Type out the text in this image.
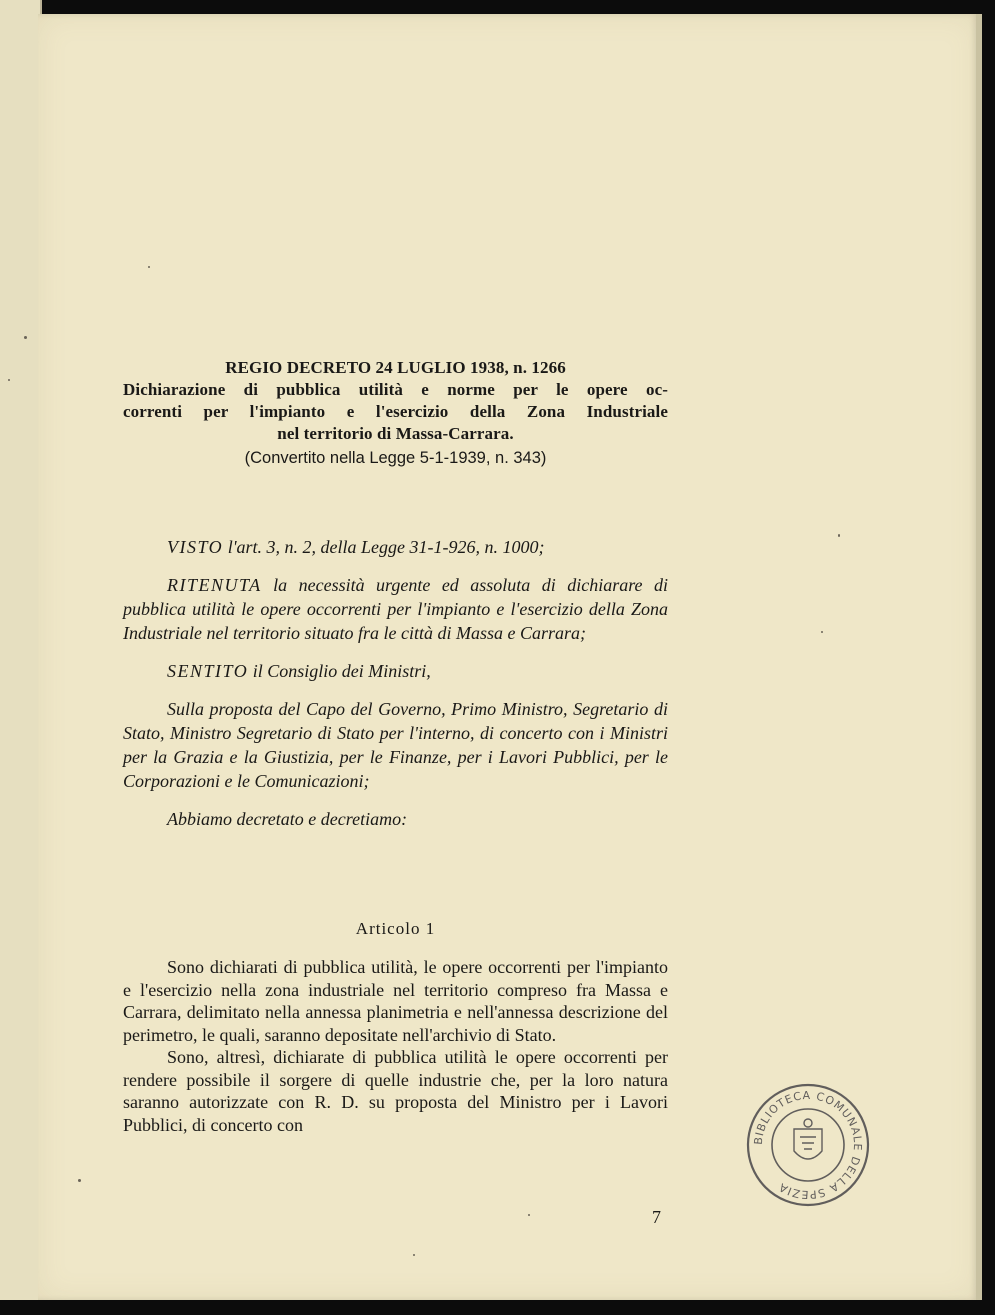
REGIO DECRETO 24 LUGLIO 1938, n. 1266
Dichiarazione di pubblica utilità e norme per le opere oc-
correnti per l'impianto e l'esercizio della Zona Industriale
nel territorio di Massa-Carrara.
(Convertito nella Legge 5-1-1939, n. 343)

VISTO l'art. 3, n. 2, della Legge 31-1-926, n. 1000;

RITENUTA la necessità urgente ed assoluta di dichiarare di pubblica utilità le opere occorrenti per l'impianto e l'esercizio della Zona Industriale nel territorio situato fra le città di Massa e Carrara;

SENTITO il Consiglio dei Ministri,

Sulla proposta del Capo del Governo, Primo Ministro, Segretario di Stato, Ministro Segretario di Stato per l'interno, di concerto con i Ministri per la Grazia e la Giustizia, per le Finanze, per i Lavori Pubblici, per le Corporazioni e le Comunicazioni;

Abbiamo decretato e decretiamo:

Articolo 1

Sono dichiarati di pubblica utilità, le opere occorrenti per l'impianto e l'esercizio nella zona industriale nel territorio compreso fra Massa e Carrara, delimitato nella annessa planimetria e nell'annessa descrizione del perimetro, le quali, saranno depositate nell'archivio di Stato.

Sono, altresì, dichiarate di pubblica utilità le opere occorrenti per rendere possibile il sorgere di quelle industrie che, per la loro natura saranno autorizzate con R. D. su proposta del Ministro per i Lavori Pubblici, di concerto con

BIBLIOTECA COMUNALE DELLA SPEZIA
7
